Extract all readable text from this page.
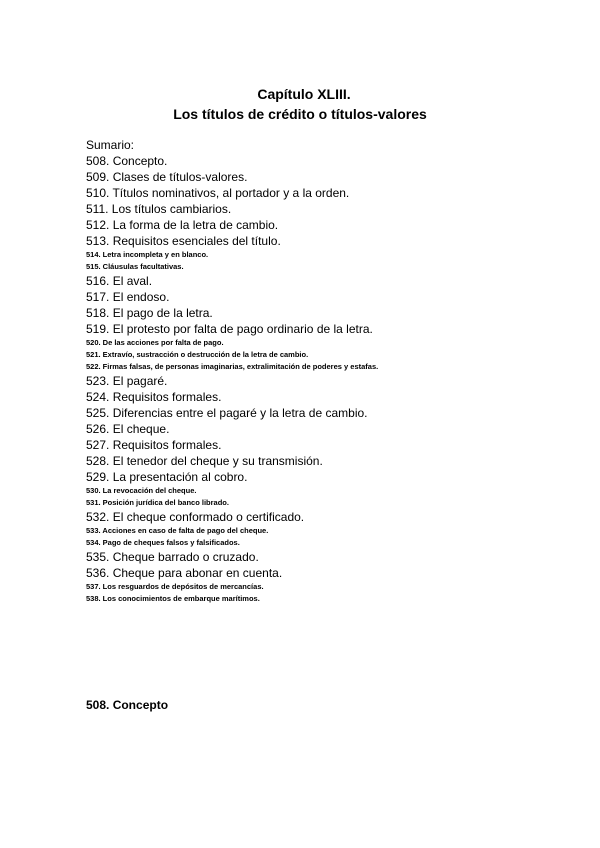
Capítulo XLIII.
Los títulos de crédito o títulos-valores
Sumario:
508. Concepto.
509. Clases de títulos-valores.
510. Títulos nominativos, al portador y a la orden.
511. Los títulos cambiarios.
512. La forma de la letra de cambio.
513. Requisitos esenciales del título.
514. Letra incompleta y en blanco.
515. Cláusulas facultativas.
516. El aval.
517. El endoso.
518. El pago de la letra.
519. El protesto por falta de pago ordinario de la letra.
520. De las acciones por falta de pago.
521. Extravío, sustracción o destrucción de la letra de cambio.
522. Firmas falsas, de personas imaginarias, extralimitación de poderes y estafas.
523. El pagaré.
524. Requisitos formales.
525. Diferencias entre el pagaré y la letra de cambio.
526. El cheque.
527. Requisitos formales.
528. El tenedor del cheque y su transmisión.
529. La presentación al cobro.
530. La revocación del cheque.
531. Posición jurídica del banco librado.
532. El cheque conformado o certificado.
533. Acciones en caso de falta de pago del cheque.
534. Pago de cheques falsos y falsificados.
535. Cheque barrado o cruzado.
536. Cheque para abonar en cuenta.
537. Los resguardos de depósitos de mercancías.
538. Los conocimientos de embarque marítimos.
508. Concepto
